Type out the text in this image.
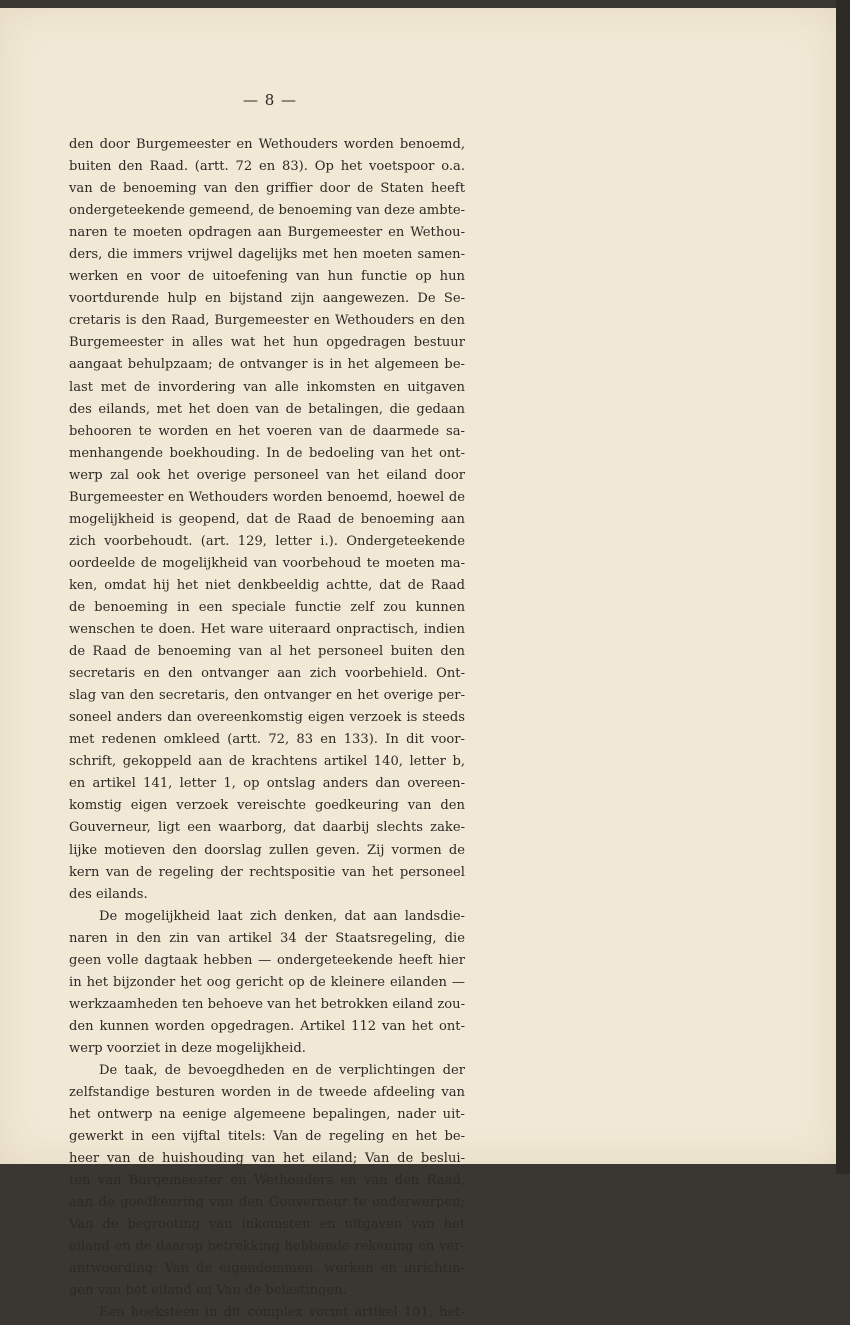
— 8 —
den door Burgemeester en Wethouders worden benoemd,
buiten den Raad. (artt. 72 en 83). Op het voetspoor o.a.
van de benoeming van den griffier door de Staten heeft
ondergeteekende gemeend, de benoeming van deze ambte-
naren te moeten opdragen aan Burgemeester en Wethou-
ders, die immers vrijwel dagelijks met hen moeten samen-
werken en voor de uitoefening van hun functie op hun
voortdurende hulp en bijstand zijn aangewezen. De Se-
cretaris is den Raad, Burgemeester en Wethouders en den
Burgemeester in alles wat het hun opgedragen bestuur
aangaat behulpzaam; de ontvanger is in het algemeen be-
last met de invordering van alle inkomsten en uitgaven
des eilands, met het doen van de betalingen, die gedaan
behooren te worden en het voeren van de daarmede sa-
menhangende boekhouding. In de bedoeling van het ont-
werp zal ook het overige personeel van het eiland door
Burgemeester en Wethouders worden benoemd, hoewel de
mogelijkheid is geopend, dat de Raad de benoeming aan
zich voorbehoudt. (art. 129, letter i.). Ondergeteekende
oordeelde de mogelijkheid van voorbehoud te moeten ma-
ken, omdat hij het niet denkbeeldig achtte, dat de Raad
de benoeming in een speciale functie zelf zou kunnen
wenschen te doen. Het ware uiteraard onpractisch, indien
de Raad de benoeming van al het personeel buiten den
secretaris en den ontvanger aan zich voorbehield. Ont-
slag van den secretaris, den ontvanger en het overige per-
soneel anders dan overeenkomstig eigen verzoek is steeds
met redenen omkleed (artt. 72, 83 en 133). In dit voor-
schrift, gekoppeld aan de krachtens artikel 140, letter b,
en artikel 141, letter 1, op ontslag anders dan overeen-
komstig eigen verzoek vereischte goedkeuring van den
Gouverneur, ligt een waarborg, dat daarbij slechts zake-
lijke motieven den doorslag zullen geven. Zij vormen de
kern van de regeling der rechtspositie van het personeel
des eilands.
De mogelijkheid laat zich denken, dat aan landsdie-
naren in den zin van artikel 34 der Staatsregeling, die
geen volle dagtaak hebben — ondergeteekende heeft hier
in het bijzonder het oog gericht op de kleinere eilanden —
werkzaamheden ten behoeve van het betrokken eiland zou-
den kunnen worden opgedragen. Artikel 112 van het ont-
werp voorziet in deze mogelijkheid.
De taak, de bevoegdheden en de verplichtingen der
zelfstandige besturen worden in de tweede afdeeling van
het ontwerp na eenige algemeene bepalingen, nader uit-
gewerkt in een vijftal titels: Van de regeling en het be-
heer van de huishouding van het eiland; Van de beslui-
ten van Burgemeester en Wethouders en van den Raad,
aan de goedkeuring van den Gouverneur te onderwerpen;
Van de begrooting van inkomsten en uitgaven van het
eiland en de daarop betrekking hebbende rekening en ver-
antwoording; Van de eigendommen, werken en inrichtin-
gen van het eiland en Van de belastingen.
Een hoeksteen in dit complex vormt artikel 101, het-
